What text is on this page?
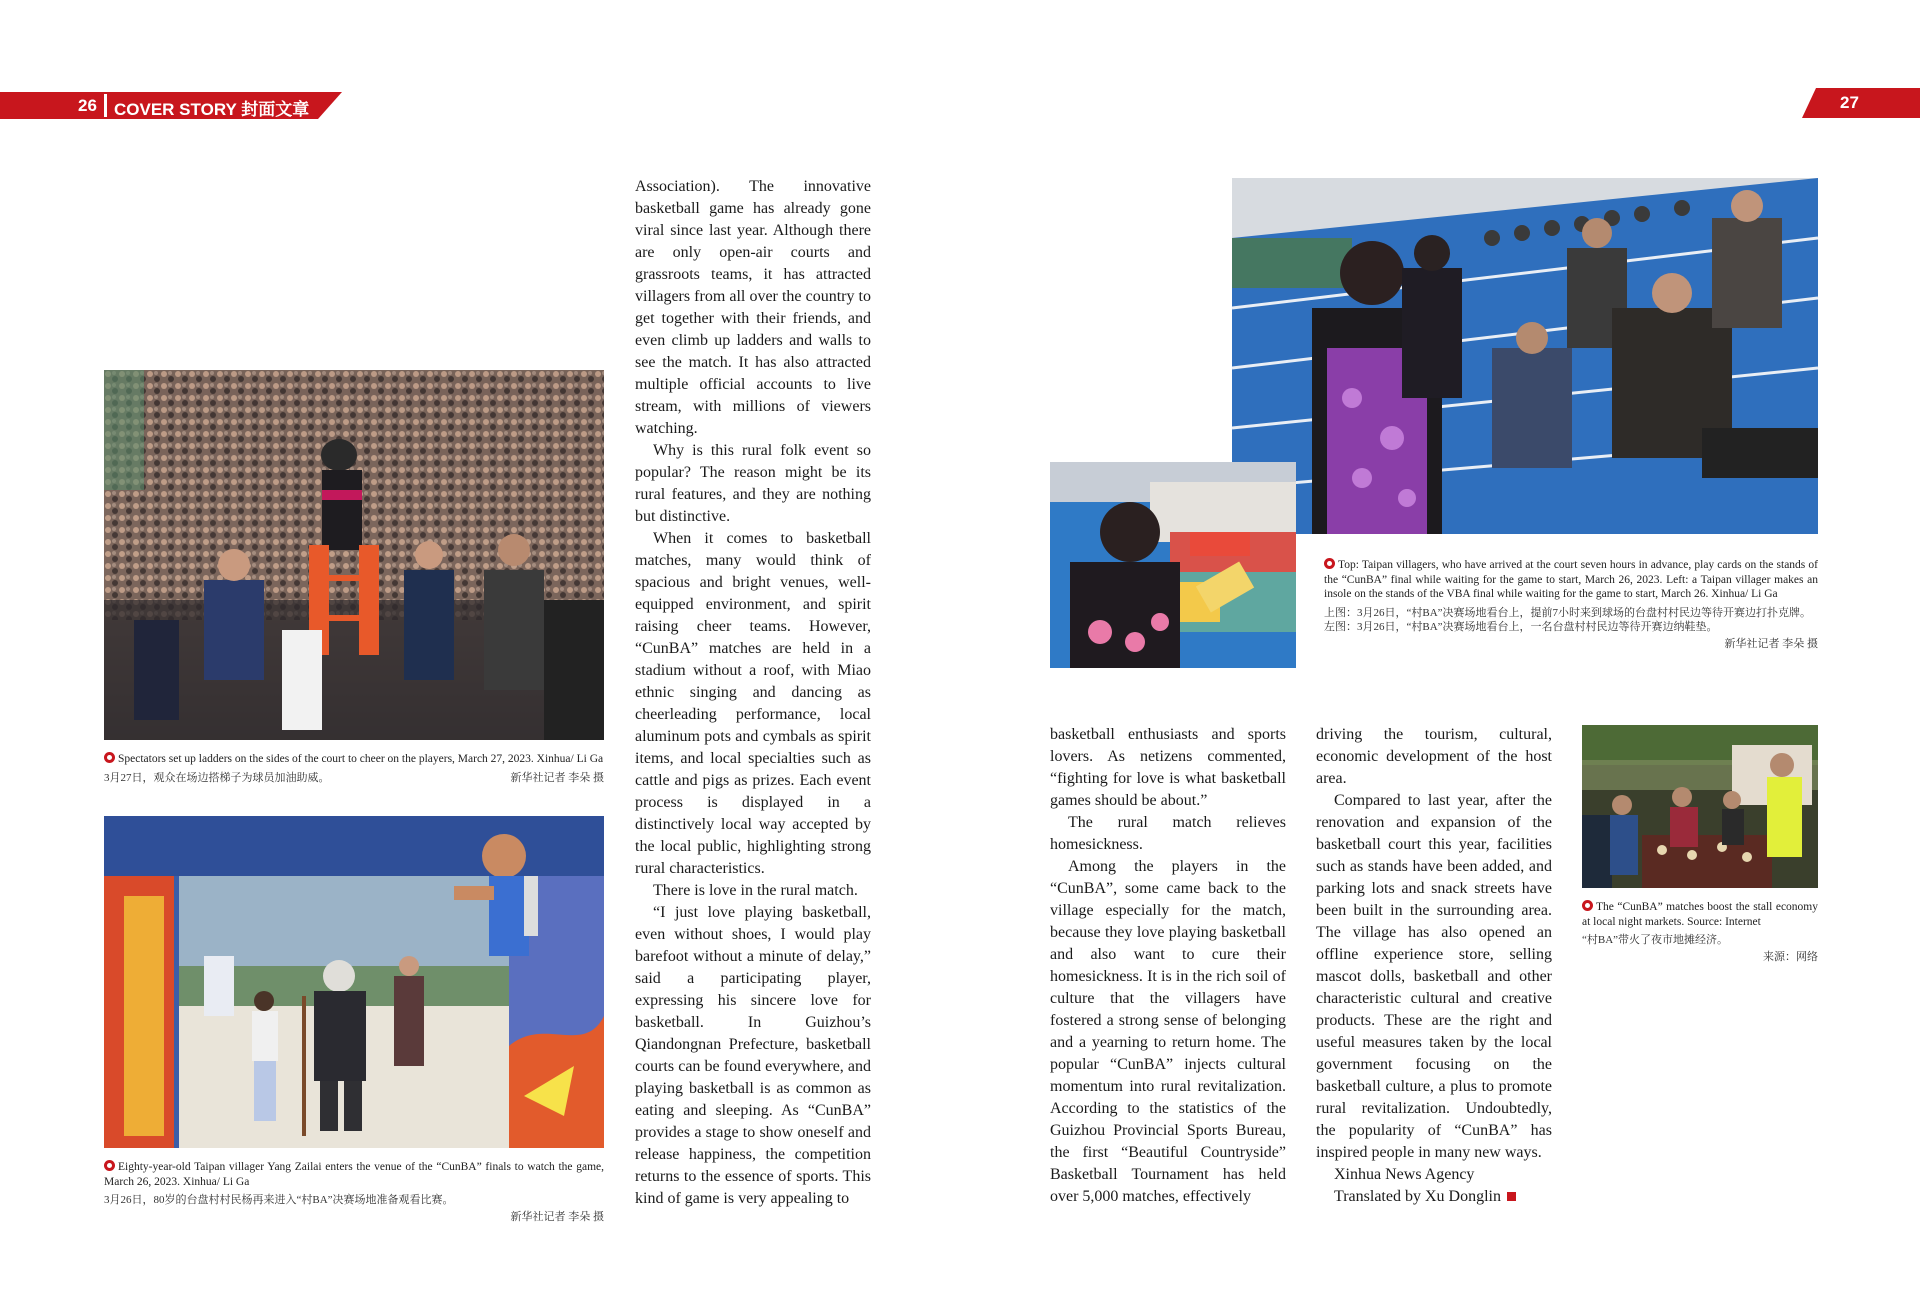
26 COVER STORY 封面文章	27
Spectators set up ladders on the sides of the court to cheer on the players, March 27, 2023. Xinhua/ Li Ga
3月27日，观众在场边搭梯子为球员加油助威。	新华社记者 李朵 摄
Eighty-year-old Taipan villager Yang Zailai enters the venue of the “CunBA” finals to watch the game, March 26, 2023. Xinhua/ Li Ga
3月26日，80岁的台盘村村民杨再来进入“村BA”决赛场地准备观看比赛。
新华社记者 李朵 摄

Association). The innovative basketball game has already gone viral since last year. Although there are only open-air courts and grassroots teams, it has attracted villagers from all over the country to get together with their friends, and even climb up ladders and walls to see the match. It has also attracted multiple official accounts to live stream, with millions of viewers watching.

Why is this rural folk event so popular? The reason might be its rural features, and they are nothing but distinctive.

When it comes to basketball matches, many would think of spacious and bright venues, well-equipped environment, and spirit raising cheer teams. However, “CunBA” matches are held in a stadium without a roof, with Miao ethnic singing and dancing as cheerleading performance, local aluminum pots and cymbals as spirit items, and local specialties such as cattle and pigs as prizes. Each event process is displayed in a distinctively local way accepted by the local public, highlighting strong rural characteristics.

There is love in the rural match.

“I just love playing basketball, even without shoes, I would play barefoot without a minute of delay,” said a participating player, expressing his sincere love for basketball. In Guizhou’s Qiandongnan Prefecture, basketball courts can be found everywhere, and playing basketball is as common as eating and sleeping. As “CunBA” provides a stage to show oneself and release happiness, the competition returns to the essence of sports. This kind of game is very appealing to

Top: Taipan villagers, who have arrived at the court seven hours in advance, play cards on the stands of the “CunBA” final while waiting for the game to start, March 26, 2023. Left: a Taipan villager makes an insole on the stands of the VBA final while waiting for the game to start, March 26. Xinhua/ Li Ga
上图：3月26日，“村BA”决赛场地看台上，提前7小时来到球场的台盘村村民边等待开赛边打扑克牌。左图：3月26日，“村BA”决赛场地看台上，一名台盘村村民边等待开赛边纳鞋垫。
新华社记者 李朵 摄

basketball enthusiasts and sports lovers. As netizens commented, “fighting for love is what basketball games should be about.”

The rural match relieves homesickness.

Among the players in the “CunBA”, some came back to the village especially for the match, because they love playing basketball and also want to cure their homesickness. It is in the rich soil of culture that the villagers have fostered a strong sense of belonging and a yearning to return home. The popular “CunBA” injects cultural momentum into rural revitalization. According to the statistics of the Guizhou Provincial Sports Bureau, the first “Beautiful Countryside” Basketball Tournament has held over 5,000 matches, effectively

driving the tourism, cultural, economic development of the host area.

Compared to last year, after the renovation and expansion of the basketball court this year, facilities such as stands have been added, and parking lots and snack streets have been built in the surrounding area. The village has also opened an offline experience store, selling mascot dolls, basketball and other characteristic cultural and creative products. These are the right and useful measures taken by the local government focusing on the basketball culture, a plus to promote rural revitalization. Undoubtedly, the popularity of “CunBA” has inspired people in many new ways.

Xinhua News Agency

Translated by Xu Donglin

The “CunBA” matches boost the stall economy at local night markets. Source: Internet
“村BA”带火了夜市地摊经济。
来源：网络
